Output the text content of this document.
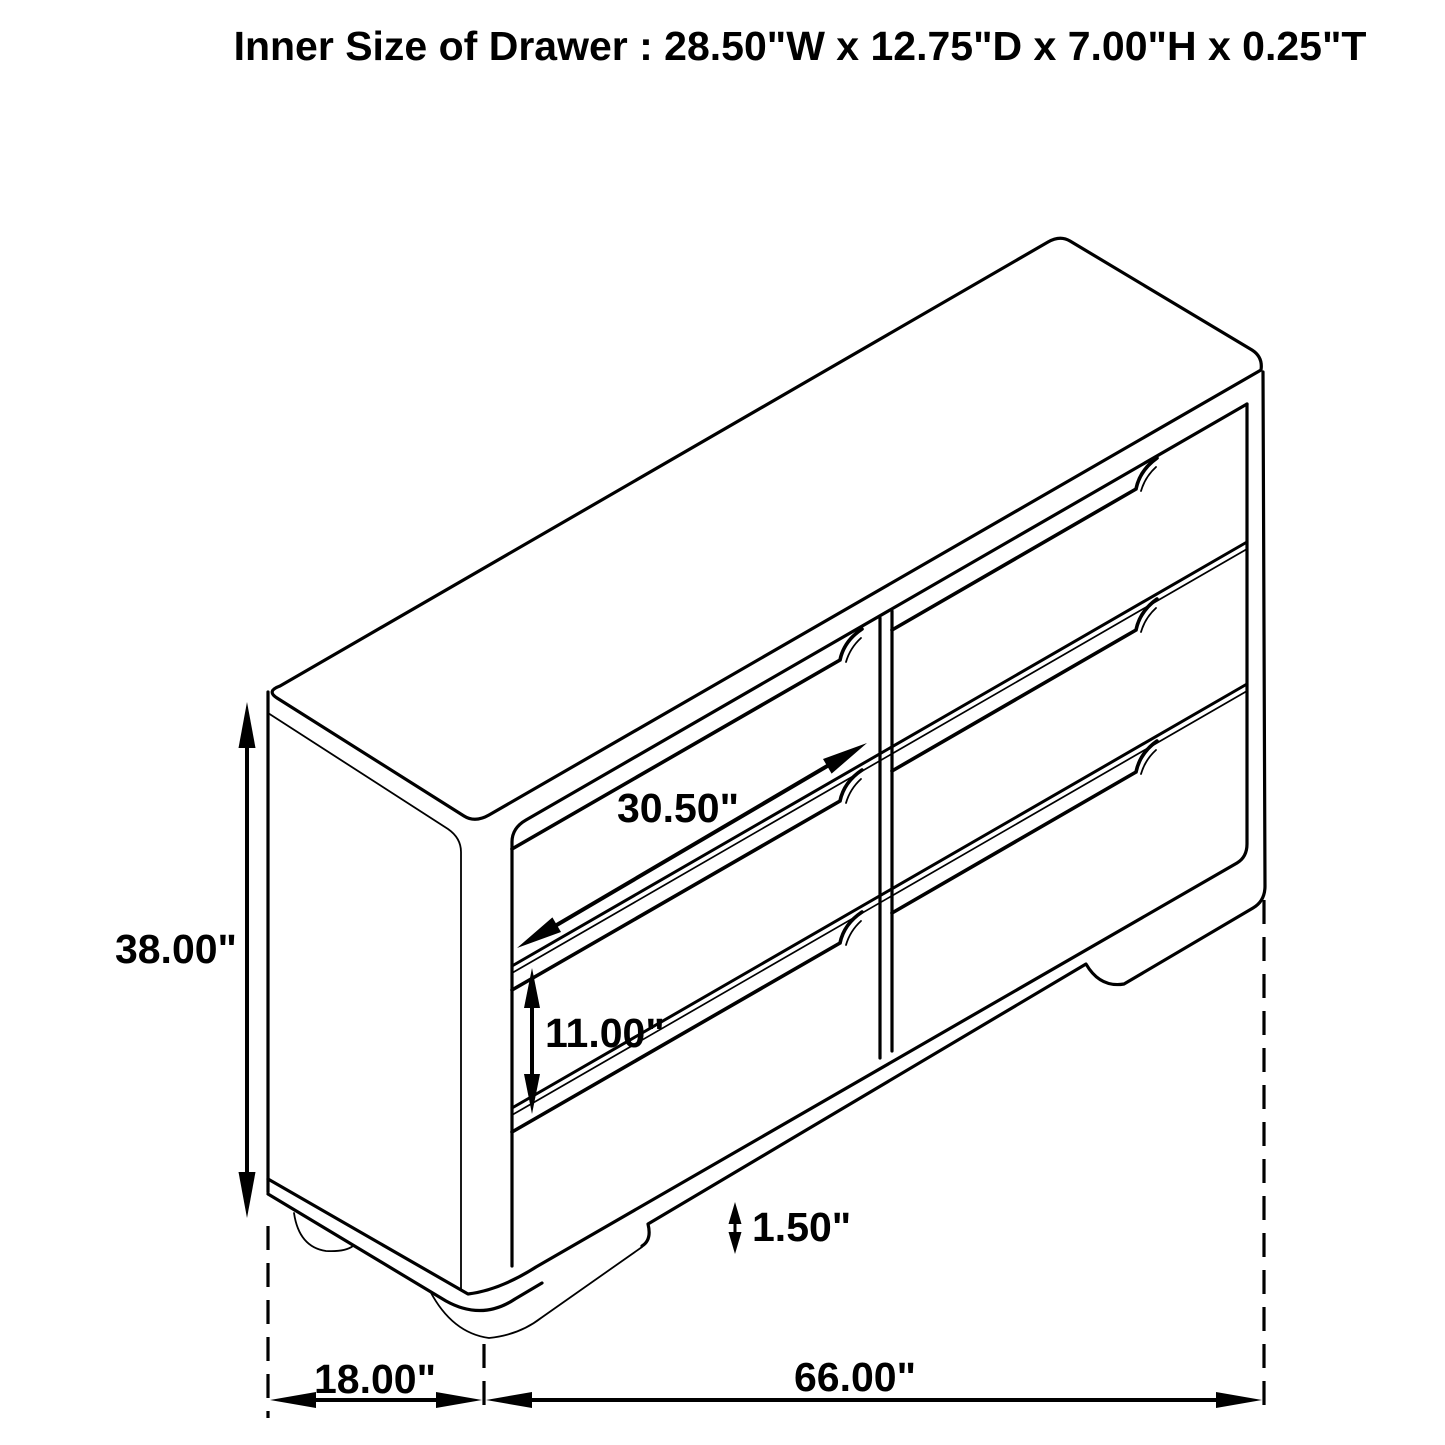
Inner Size of Drawer : 28.50"W x 12.75"D x 7.00"H x 0.25"T
38.00"
30.50"
11.00"
1.50"
18.00"	66.00"
